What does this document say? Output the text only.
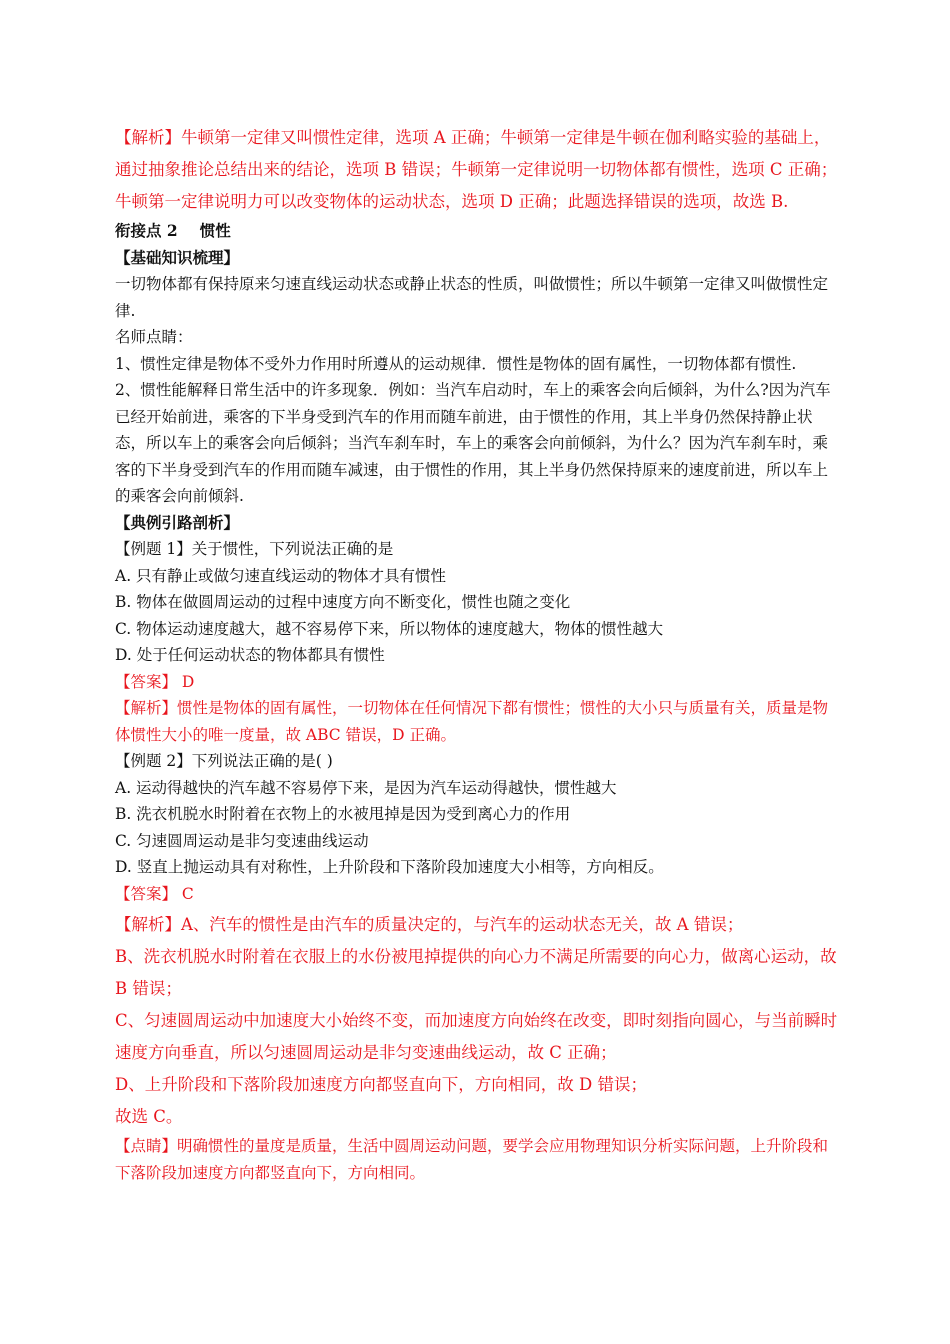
【解析】牛顿第一定律又叫惯性定律，选项 A 正确；牛顿第一定律是牛顿在伽利略实验的基础上，通过抽象推论总结出来的结论，选项 B 错误；牛顿第一定律说明一切物体都有惯性，选项 C 正确；牛顿第一定律说明力可以改变物体的运动状态，选项 D 正确；此题选择错误的选项，故选 B.

衔接点 2 惯性

【基础知识梳理】

一切物体都有保持原来匀速直线运动状态或静止状态的性质，叫做惯性；所以牛顿第一定律又叫做惯性定律.

名师点睛：

1、惯性定律是物体不受外力作用时所遵从的运动规律．惯性是物体的固有属性，一切物体都有惯性.

2、惯性能解释日常生活中的许多现象．例如：当汽车启动时，车上的乘客会向后倾斜，为什么?因为汽车已经开始前进，乘客的下半身受到汽车的作用而随车前进，由于惯性的作用，其上半身仍然保持静止状态，所以车上的乘客会向后倾斜；当汽车刹车时，车上的乘客会向前倾斜，为什么？因为汽车刹车时，乘客的下半身受到汽车的作用而随车减速，由于惯性的作用，其上半身仍然保持原来的速度前进，所以车上的乘客会向前倾斜.

【典例引路剖析】

【例题 1】关于惯性，下列说法正确的是

A. 只有静止或做匀速直线运动的物体才具有惯性

B. 物体在做圆周运动的过程中速度方向不断变化，惯性也随之变化

C. 物体运动速度越大，越不容易停下来，所以物体的速度越大，物体的惯性越大

D. 处于任何运动状态的物体都具有惯性

【答案】 D

【解析】惯性是物体的固有属性，一切物体在任何情况下都有惯性；惯性的大小只与质量有关，质量是物体惯性大小的唯一度量，故 ABC 错误，D 正确。

【例题 2】下列说法正确的是( )

A. 运动得越快的汽车越不容易停下来，是因为汽车运动得越快，惯性越大

B. 洗衣机脱水时附着在衣物上的水被甩掉是因为受到离心力的作用

C. 匀速圆周运动是非匀变速曲线运动

D. 竖直上抛运动具有对称性，上升阶段和下落阶段加速度大小相等，方向相反。

【答案】 C

【解析】A、汽车的惯性是由汽车的质量决定的，与汽车的运动状态无关，故 A 错误；

B、洗衣机脱水时附着在衣服上的水份被甩掉提供的向心力不满足所需要的向心力，做离心运动，故 B 错误；

C、匀速圆周运动中加速度大小始终不变，而加速度方向始终在改变，即时刻指向圆心，与当前瞬时速度方向垂直，所以匀速圆周运动是非匀变速曲线运动，故 C 正确；

D、上升阶段和下落阶段加速度方向都竖直向下，方向相同，故 D 错误；

故选 C。

【点睛】明确惯性的量度是质量，生活中圆周运动问题，要学会应用物理知识分析实际问题，上升阶段和下落阶段加速度方向都竖直向下，方向相同。
